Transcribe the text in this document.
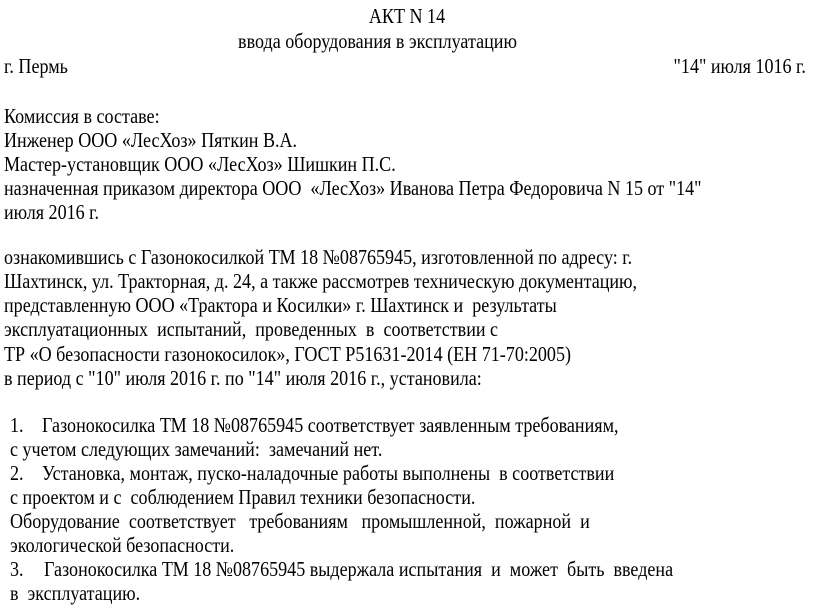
АКТ N 14
ввода оборудования в эксплуатацию
г. Пермь	"14" июля 1016 г.
Комиссия в составе:
Инженер ООО «ЛесХоз» Пяткин В.А.
Мастер-установщик ООО «ЛесХоз» Шишкин П.С.
назначенная приказом директора ООО  «ЛесХоз» Иванова Петра Федоровича N 15 от "14"
июля 2016 г.
ознакомившись с Газонокосилкой ТМ 18 №08765945, изготовленной по адресу: г.
Шахтинск, ул. Тракторная, д. 24, а также рассмотрев техническую документацию,
представленную ООО «Трактора и Косилки» г. Шахтинск и  результаты
эксплуатационных  испытаний,  проведенных  в  соответствии с
ТР «О безопасности газонокосилок», ГОСТ Р51631-2014 (ЕН 71-70:2005)
в период с "10" июля 2016 г. по "14" июля 2016 г., установила:
1. Газонокосилка ТМ 18 №08765945 соответствует заявленным требованиям,
с учетом следующих замечаний:  замечаний нет.
2. Установка, монтаж, пуско-наладочные работы выполнены  в соответствии
с проектом и с  соблюдением Правил техники безопасности.
Оборудование  соответствует   требованиям   промышленной,  пожарной  и
экологической безопасности.
3. Газонокосилка ТМ 18 №08765945 выдержала испытания  и  может  быть  введена
в  эксплуатацию.
